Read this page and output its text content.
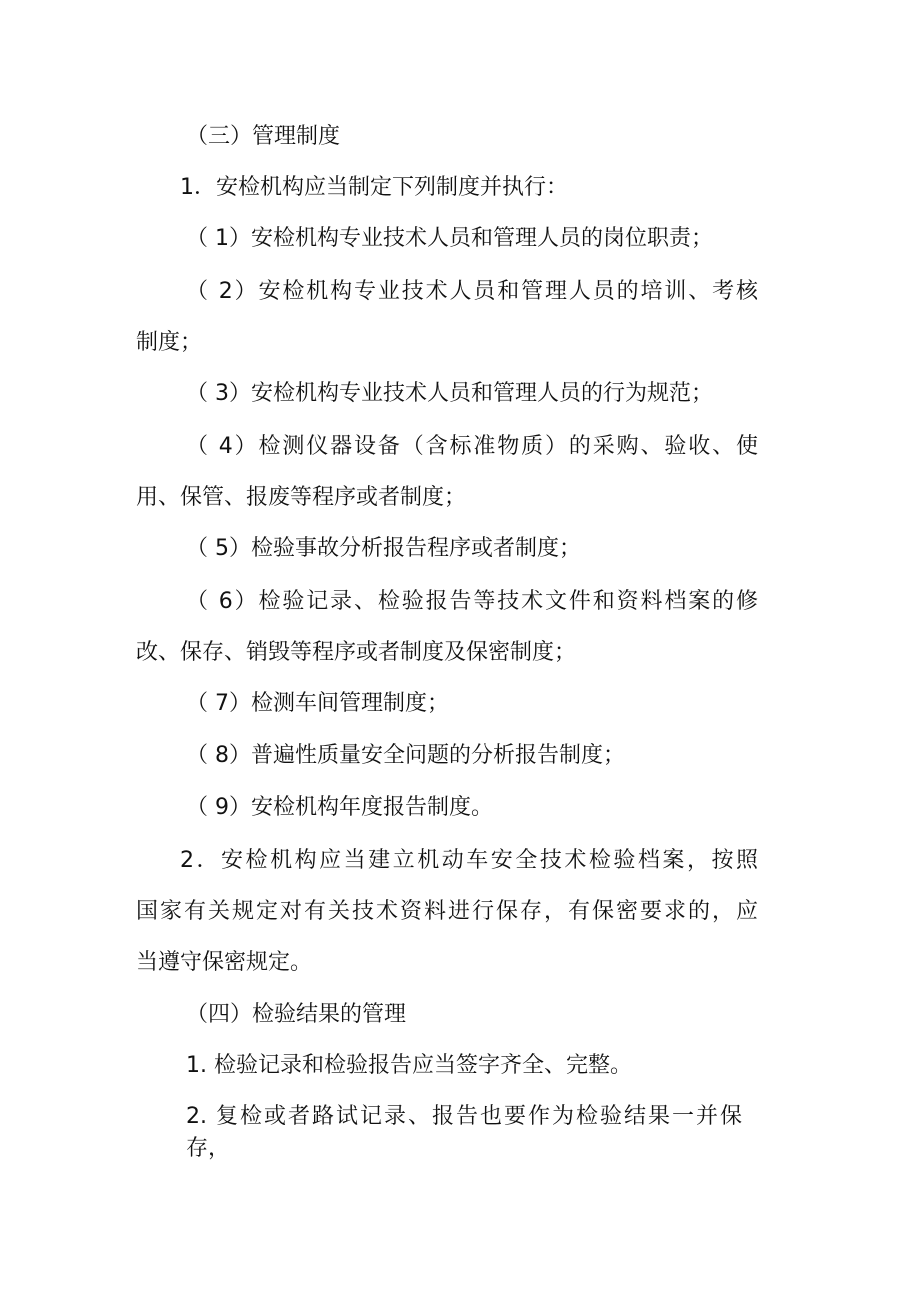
（三）管理制度

1．安检机构应当制定下列制度并执行：

（ 1）安检机构专业技术人员和管理人员的岗位职责；

（ 2）安检机构专业技术人员和管理人员的培训、考核

制度；

（ 3）安检机构专业技术人员和管理人员的行为规范；

（ 4）检测仪器设备（含标准物质）的采购、验收、使

用、保管、报废等程序或者制度；

（ 5）检验事故分析报告程序或者制度；

（ 6）检验记录、检验报告等技术文件和资料档案的修

改、保存、销毁等程序或者制度及保密制度；

（ 7）检测车间管理制度；

（ 8）普遍性质量安全问题的分析报告制度；

（ 9）安检机构年度报告制度。

2．安检机构应当建立机动车安全技术检验档案，按照

国家有关规定对有关技术资料进行保存，有保密要求的，应

当遵守保密规定。

（四）检验结果的管理

1. 检验记录和检验报告应当签字齐全、完整。

2. 复检或者路试记录、报告也要作为检验结果一并保

存，
